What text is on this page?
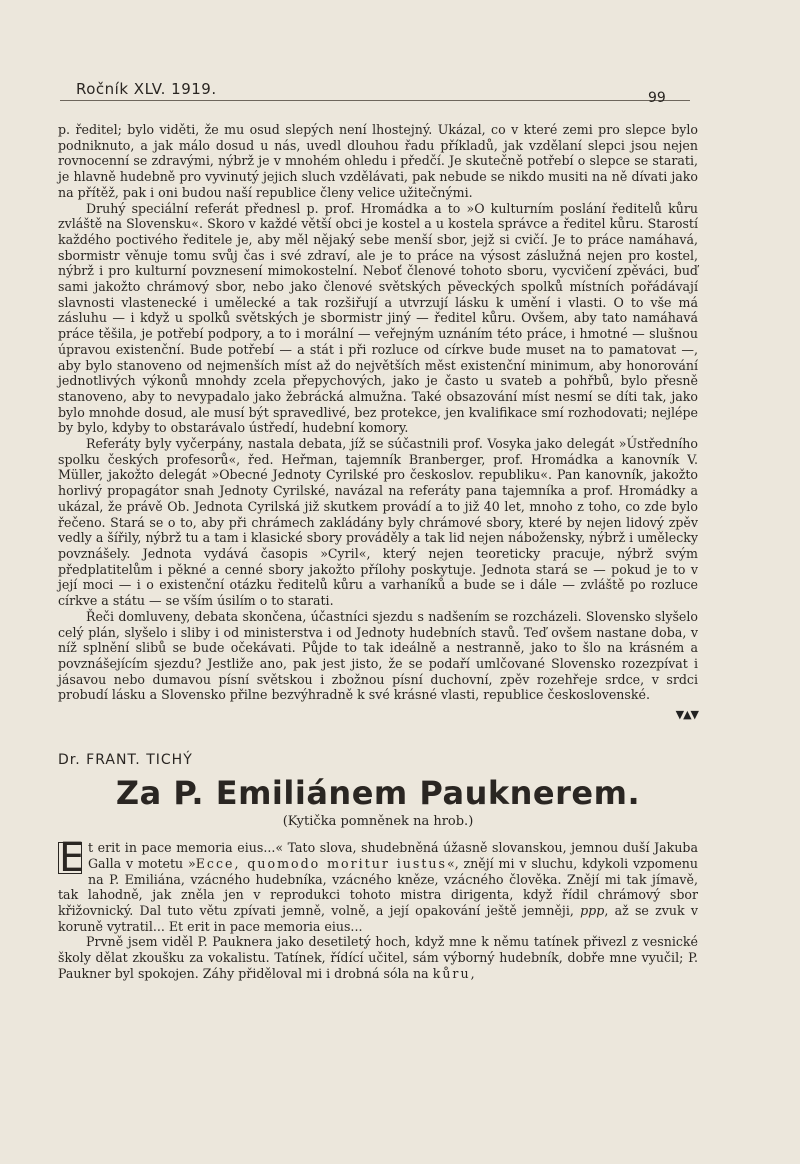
Ročník XLV. 1919.	99

p. ředitel; bylo viděti, že mu osud slepých není lhostejný. Ukázal, co v které zemi pro slepce bylo podniknuto, a jak málo dosud u nás, uvedl dlouhou řadu příkladů, jak vzdělaní slepci jsou nejen rovnocenní se zdravými, nýbrž je v mnohém ohledu i předčí. Je skutečně potřebí o slepce se starati, je hlavně hudebně pro vyvinutý jejich sluch vzdělávati, pak nebude se nikdo musiti na ně dívati jako na přítěž, pak i oni budou naší republice členy velice užitečnými.

Druhý speciální referát přednesl p. prof. Hromádka a to »O kulturním poslání ředitelů kůru zvláště na Slovensku«. Skoro v každé větší obci je kostel a u kostela správce a ředitel kůru. Starostí každého poctivého ředitele je, aby měl nějaký sebe menší sbor, jejž si cvičí. Je to práce namáhavá, sbormistr věnuje tomu svůj čas i své zdraví, ale je to práce na výsost záslužná nejen pro kostel, nýbrž i pro kulturní povznesení mimokostelní. Neboť členové tohoto sboru, vycvičení zpěváci, buď sami jakožto chrámový sbor, nebo jako členové světských pěveckých spolků místních pořádávají slavnosti vlastenecké i umělecké a tak rozšiřují a utvrzují lásku k umění i vlasti. O to vše má zásluhu — i když u spolků světských je sbormistr jiný — ředitel kůru. Ovšem, aby tato namáhavá práce těšila, je potřebí podpory, a to i morální — veřejným uznáním této práce, i hmotné — slušnou úpravou existenční. Bude potřebí — a stát i při rozluce od církve bude muset na to pamatovat —, aby bylo stanoveno od nejmenších míst až do největších měst existenční minimum, aby honorování jednotlivých výkonů mnohdy zcela přepychových, jako je často u svateb a pohřbů, bylo přesně stanoveno, aby to nevypadalo jako žebrácká almužna. Také obsazování míst nesmí se díti tak, jako bylo mnohde dosud, ale musí být spravedlivé, bez protekce, jen kvalifikace smí rozhodovati; nejlépe by bylo, kdyby to obstarávalo ústředí, hudební komory.

Referáty byly vyčerpány, nastala debata, jíž se súčastnili prof. Vosyka jako delegát »Ústředního spolku českých profesorů«, řed. Heřman, tajemník Branberger, prof. Hromádka a kanovník V. Müller, jakožto delegát »Obecné Jednoty Cyrilské pro českoslov. republiku«. Pan kanovník, jakožto horlivý propagátor snah Jednoty Cyrilské, navázal na referáty pana tajemníka a prof. Hromádky a ukázal, že právě Ob. Jednota Cyrilská již skutkem provádí a to již 40 let, mnoho z toho, co zde bylo řečeno. Stará se o to, aby při chrámech zakládány byly chrámové sbory, které by nejen lidový zpěv vedly a šířily, nýbrž tu a tam i klasické sbory prováděly a tak lid nejen nábožensky, nýbrž i umělecky povznášely. Jednota vydává časopis »Cyril«, který nejen teoreticky pracuje, nýbrž svým předplatitelům i pěkné a cenné sbory jakožto přílohy poskytuje. Jednota stará se — pokud je to v její moci — i o existenční otázku ředitelů kůru a varhaníků a bude se i dále — zvláště po rozluce církve a státu — se vším úsilím o to starati.

Řeči domluveny, debata skončena, účastníci sjezdu s nadšením se rozcházeli. Slovensko slyšelo celý plán, slyšelo i sliby i od ministerstva i od Jednoty hudebních stavů. Teď ovšem nastane doba, v níž splnění slibů se bude očekávati. Půjde to tak ideálně a nestranně, jako to šlo na krásném a povznášejícím sjezdu? Jestliže ano, pak jest jisto, že se podaří umlčované Slovensko rozezpívat i jásavou nebo dumavou písní světskou i zbožnou písní duchovní, zpěv rozehřeje srdce, v srdci probudí lásku a Slovensko přilne bezvýhradně k své krásné vlasti, republice československé.

▼▲▼
Dr. FRANT. TICHÝ
Za P. Emiliánem Pauknerem.
(Kytička pomněnek na hrob.)

E t erit in pace memoria eius...« Tato slova, shudebněná úžasně slovanskou, jemnou duší Jakuba Galla v motetu »Ecce, quomodo moritur iustus«, znějí mi v sluchu, kdykoli vzpomenu na P. Emiliána, vzácného hudebníka, vzácného kněze, vzácného člověka. Znějí mi tak jímavě, tak lahodně, jak zněla jen v reprodukci tohoto mistra dirigenta, když řídil chrámový sbor křižovnický. Dal tuto větu zpívati jemně, volně, a její opakování ještě jemněji, ppp, až se zvuk v koruně vytratil... Et erit in pace memoria eius...

Prvně jsem viděl P. Pauknera jako desetiletý hoch, když mne k němu tatínek přivezl z vesnické školy dělat zkoušku za vokalistu. Tatínek, řídící učitel, sám výborný hudebník, dobře mne vyučil; P. Paukner byl spokojen. Záhy přiděloval mi i drobná sóla na kůru,
